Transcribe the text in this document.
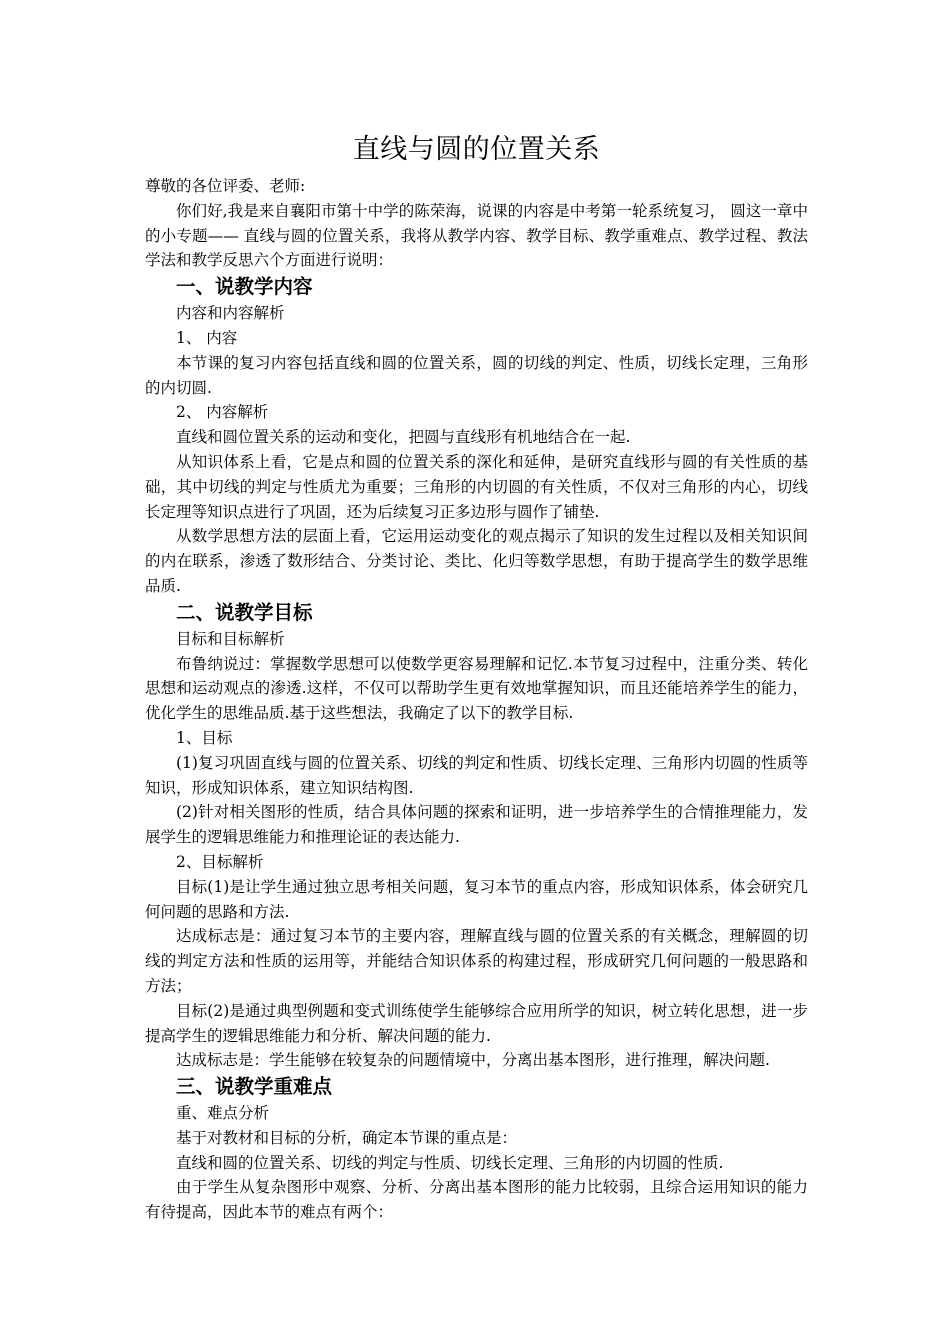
直线与圆的位置关系

尊敬的各位评委、老师:

你们好,我是来自襄阳市第十中学的陈荣海，说课的内容是中考第一轮系统复习， 圆这一章中的小专题—— 直线与圆的位置关系，我将从教学内容、教学目标、教学重难点、教学过程、教法学法和教学反思六个方面进行说明：

一、说教学内容

内容和内容解析

1、 内容

本节课的复习内容包括直线和圆的位置关系，圆的切线的判定、性质，切线长定理，三角形的内切圆.

2、 内容解析

直线和圆位置关系的运动和变化，把圆与直线形有机地结合在一起.

从知识体系上看，它是点和圆的位置关系的深化和延伸，是研究直线形与圆的有关性质的基础，其中切线的判定与性质尤为重要；三角形的内切圆的有关性质，不仅对三角形的内心，切线长定理等知识点进行了巩固，还为后续复习正多边形与圆作了铺垫.

从数学思想方法的层面上看，它运用运动变化的观点揭示了知识的发生过程以及相关知识间的内在联系，渗透了数形结合、分类讨论、类比、化归等数学思想，有助于提高学生的数学思维品质.

二、说教学目标

目标和目标解析

布鲁纳说过：掌握数学思想可以使数学更容易理解和记忆.本节复习过程中，注重分类、转化思想和运动观点的渗透.这样，不仅可以帮助学生更有效地掌握知识，而且还能培养学生的能力，优化学生的思维品质.基于这些想法，我确定了以下的教学目标.

1、目标

(1)复习巩固直线与圆的位置关系、切线的判定和性质、切线长定理、三角形内切圆的性质等知识，形成知识体系，建立知识结构图.

(2)针对相关图形的性质，结合具体问题的探索和证明，进一步培养学生的合情推理能力，发展学生的逻辑思维能力和推理论证的表达能力.

2、目标解析

目标(1)是让学生通过独立思考相关问题，复习本节的重点内容，形成知识体系，体会研究几何问题的思路和方法.

达成标志是：通过复习本节的主要内容，理解直线与圆的位置关系的有关概念，理解圆的切线的判定方法和性质的运用等，并能结合知识体系的构建过程，形成研究几何问题的一般思路和方法；

目标(2)是通过典型例题和变式训练使学生能够综合应用所学的知识，树立转化思想，进一步提高学生的逻辑思维能力和分析、解决问题的能力.

达成标志是：学生能够在较复杂的问题情境中，分离出基本图形，进行推理，解决问题.

三、说教学重难点

重、难点分析

基于对教材和目标的分析，确定本节课的重点是：

直线和圆的位置关系、切线的判定与性质、切线长定理、三角形的内切圆的性质.

由于学生从复杂图形中观察、分析、分离出基本图形的能力比较弱，且综合运用知识的能力有待提高，因此本节的难点有两个：
